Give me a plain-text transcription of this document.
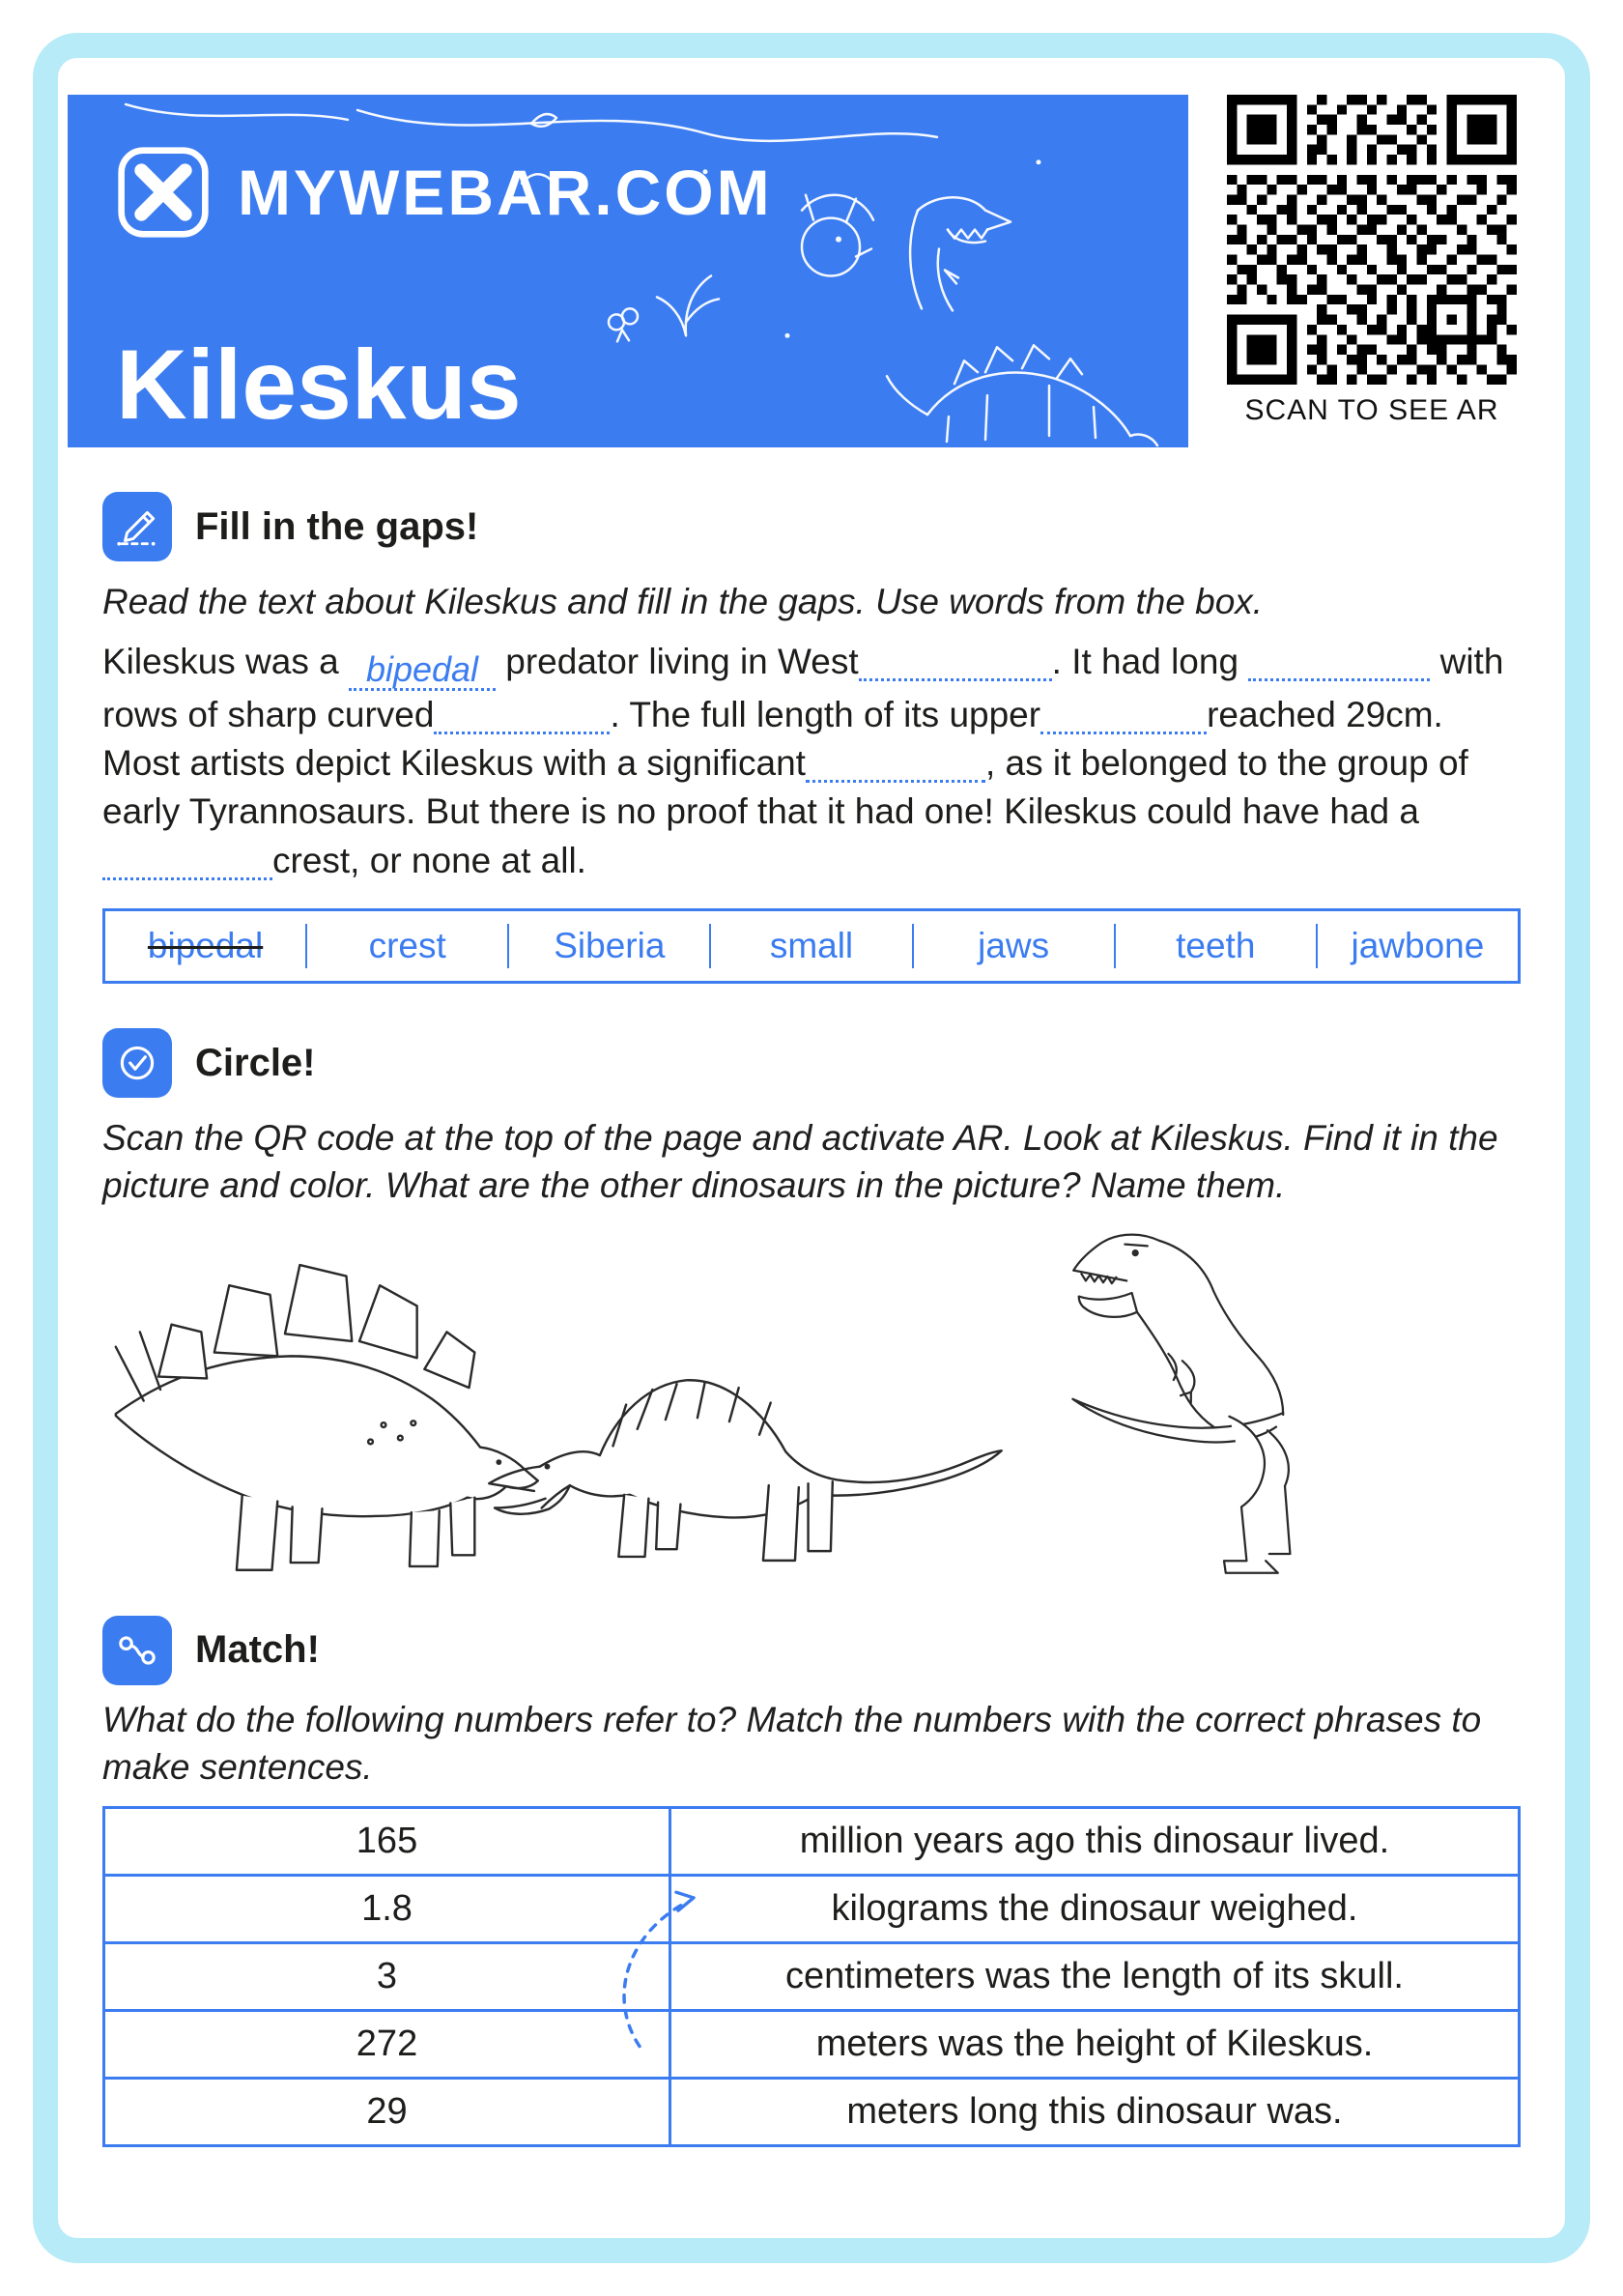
MYWEBAR.COM
Kileskus	SCAN TO SEE AR
Fill in the gaps!

Read the text about Kileskus and fill in the gaps. Use words from the box.

Kileskus was a bipedal predator living in West	. It had long	with rows of sharp curved	. The full length of its upper	reached 29cm. Most artists depict Kileskus with a significant	, as it belonged to the group of early Tyrannosaurs. But there is no proof that it had one! Kileskus could have had acrest, or none at all.

bipedal	crest	Siberia	small	jaws	teeth	jawbone
Circle!

Scan the QR code at the top of the page and activate AR. Look at Kileskus. Find it in the picture and color. What are the other dinosaurs in the picture? Name them.

Match!

What do the following numbers refer to? Match the numbers with the correct phrases to make sentences.

165	million years ago this dinosaur lived.
1.8	kilograms the dinosaur weighed.
3	centimeters was the length of its skull.
272	meters was the height of Kileskus.
29	meters long this dinosaur was.
